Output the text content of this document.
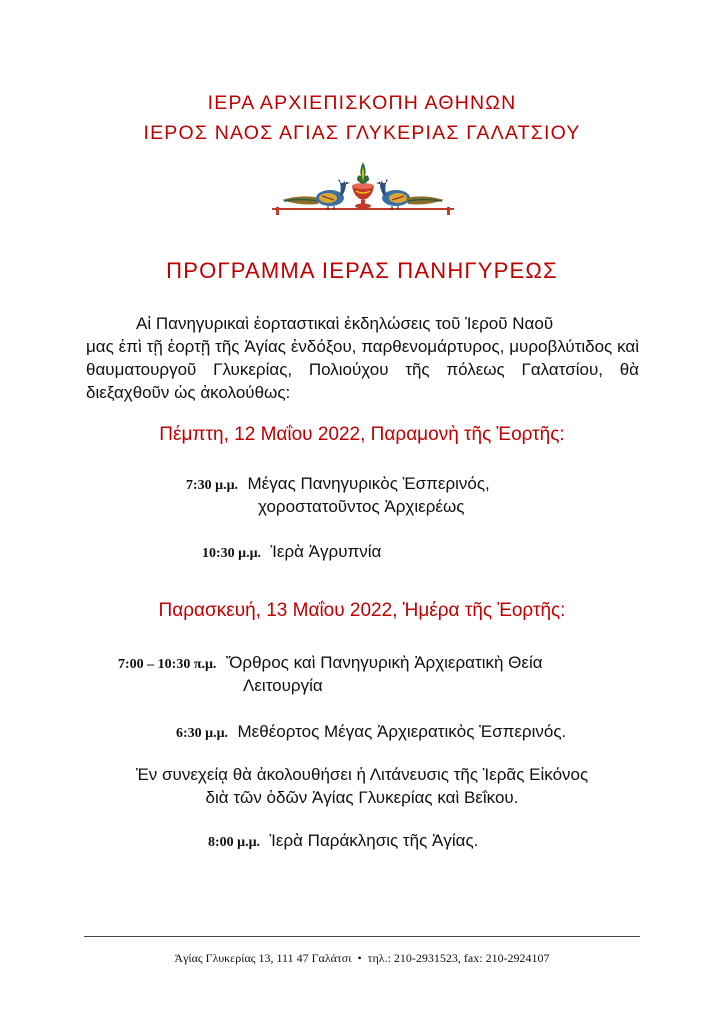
ΙΕΡΑ ΑΡΧΙΕΠΙΣΚΟΠΗ ΑΘΗΝΩΝ
ΙΕΡΟΣ ΝΑΟΣ ΑΓΙΑΣ ΓΛΥΚΕΡΙΑΣ ΓΑΛΑΤΣΙΟΥ
ΠΡΟΓΡΑΜΜΑ ΙΕΡΑΣ ΠΑΝΗΓΥΡΕΩΣ
Αἱ Πανηγυρικαὶ ἑορταστικαὶ ἐκδηλώσεις τοῦ Ἱεροῦ Ναοῦ
μας ἐπὶ τῇ ἑορτῇ τῆς Ἁγίας ἐνδόξου, παρθενομάρτυρος, μυροβλύτιδος καὶ θαυματουργοῦ Γλυκερίας, Πολιούχου τῆς πόλεως Γαλατσίου, θὰ διεξαχθοῦν ὡς ἀκολούθως:
Πέμπτη, 12 Μαΐου 2022, Παραμονὴ τῆς Ἑορτῆς:
7:30 μ.μ. Μέγας Πανηγυρικὸς Ἑσπερινός,
χοροστατοῦντος Ἀρχιερέως
10:30 μ.μ. Ἱερὰ Ἀγρυπνία
Παρασκευή, 13 Μαΐου 2022, Ἡμέρα τῆς Ἑορτῆς:
7:00 – 10:30 π.μ. Ὄρθρος καὶ Πανηγυρικὴ Ἀρχιερατικὴ Θεία
Λειτουργία
6:30 μ.μ. Μεθέορτος Μέγας Ἀρχιερατικὸς Ἑσπερινός.
Ἐν συνεχείᾳ θὰ ἀκολουθήσει ἡ Λιτάνευσις τῆς Ἱερᾶς Εἰκόνος
διὰ τῶν ὁδῶν Ἁγίας Γλυκερίας καὶ Βεΐκου.
8:00 μ.μ. Ἱερὰ Παράκλησις τῆς Ἁγίας.
Ἁγίας Γλυκερίας 13, 111 47 Γαλάτσι • τηλ.: 210-2931523, fax: 210-2924107
